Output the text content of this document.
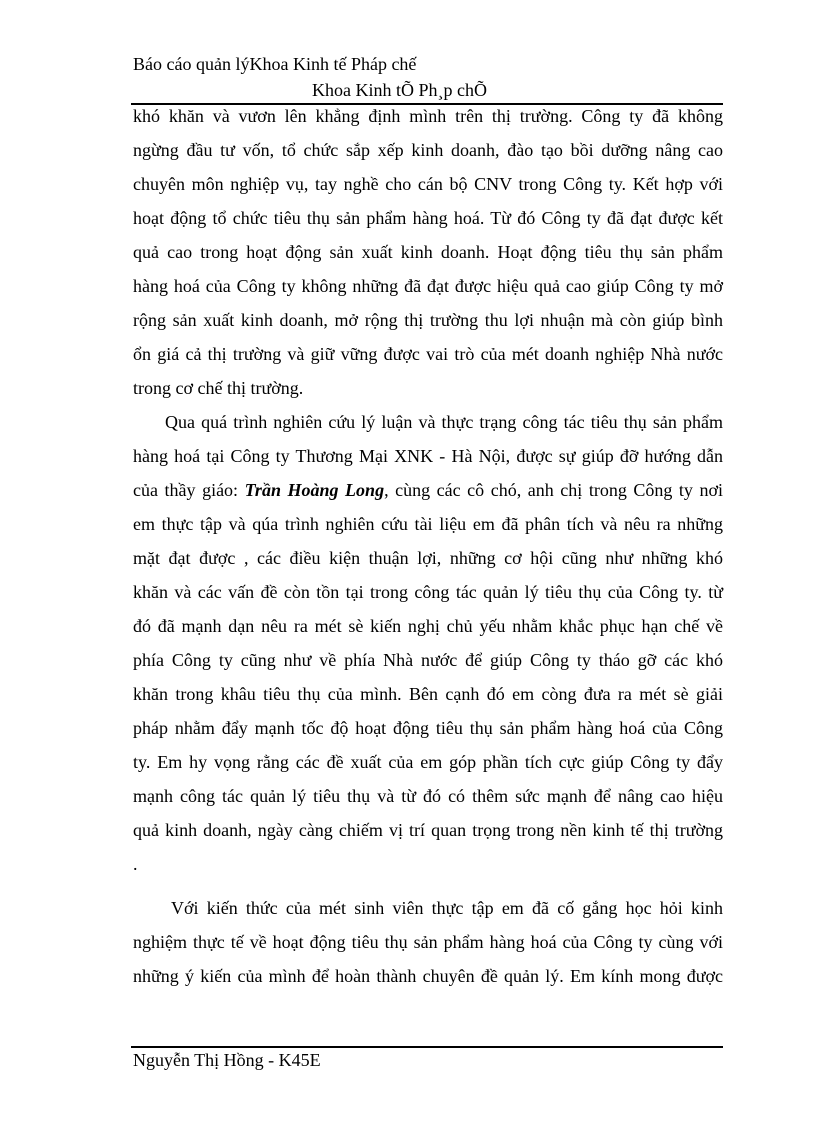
Báo cáo quản lýKhoa Kinh tế Pháp chế
Khoa Kinh tÕ Ph¸p chÕ
khó khăn và vươn lên khẳng định mình trên thị trường. Công ty đã không
ngừng đầu tư vốn, tổ chức sắp xếp kinh doanh, đào tạo bồi dưỡng nâng cao
chuyên môn nghiệp vụ, tay nghề cho cán bộ CNV trong Công ty. Kết hợp với
hoạt động tổ chức tiêu thụ sản phẩm hàng hoá. Từ đó Công ty đã đạt được kết
quả cao trong hoạt động sản xuất kinh doanh. Hoạt động tiêu thụ sản phẩm
hàng hoá của Công ty không những đã đạt được hiệu quả cao giúp Công ty mở
rộng sản xuất kinh doanh, mở rộng thị trường thu lợi nhuận mà còn giúp bình
ổn giá cả thị trường và giữ vững được vai trò của mét doanh nghiệp Nhà nước
trong cơ chế thị trường.
Qua quá trình nghiên cứu lý luận và thực trạng công tác tiêu thụ sản phẩm
hàng hoá tại Công ty Thương Mại XNK - Hà Nội, được sự giúp đỡ hướng dẫn
của thầy giáo: Trần Hoàng Long, cùng các cô chó, anh chị trong Công ty nơi
em thực tập và qúa trình nghiên cứu tài liệu em đã phân tích và nêu ra những
mặt đạt được , các điều kiện thuận lợi, những cơ hội cũng như những khó
khăn và các vấn đề còn tồn tại trong công tác quản lý tiêu thụ của Công ty. từ
đó đã mạnh dạn nêu ra mét sè kiến nghị chủ yếu nhằm khắc phục hạn chế về
phía Công ty cũng như về phía Nhà nước để giúp Công ty tháo gỡ các khó
khăn trong khâu tiêu thụ của mình. Bên cạnh đó em còng đưa ra mét sè giải
pháp nhằm đẩy mạnh tốc độ hoạt động tiêu thụ sản phẩm hàng hoá của Công
ty. Em hy vọng rằng các đề xuất của em góp phần tích cực giúp Công ty đẩy
mạnh công tác quản lý tiêu thụ và từ đó có thêm sức mạnh để nâng cao hiệu
quả kinh doanh, ngày càng chiếm vị trí quan trọng trong nền kinh tế thị trường
.
Với kiến thức của mét sinh viên thực tập em đã cố gắng học hỏi kinh
nghiệm thực tế về hoạt động tiêu thụ sản phẩm hàng hoá của Công ty cùng với
những ý kiến của mình để hoàn thành chuyên đề quản lý. Em kính mong được
Nguyễn Thị Hồng - K45E
